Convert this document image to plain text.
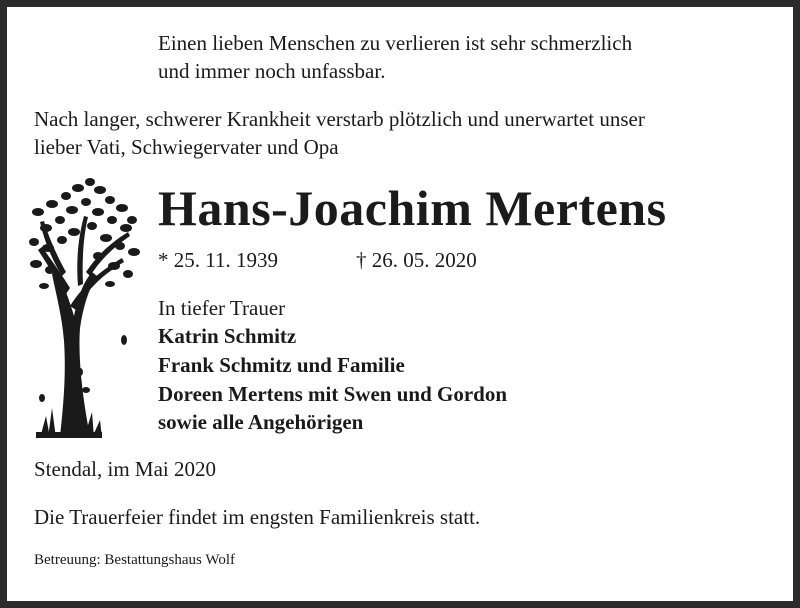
Einen lieben Menschen zu verlieren ist sehr schmerzlich
und immer noch unfassbar.
Nach langer, schwerer Krankheit verstarb plötzlich und unerwartet unser
lieber Vati, Schwiegervater und Opa
Hans-Joachim Mertens
* 25. 11. 1939	† 26. 05. 2020
In tiefer Trauer
Katrin Schmitz
Frank Schmitz und Familie
Doreen Mertens mit Swen und Gordon
sowie alle Angehörigen
Stendal, im Mai 2020
Die Trauerfeier findet im engsten Familienkreis statt.
Betreuung: Bestattungshaus Wolf
